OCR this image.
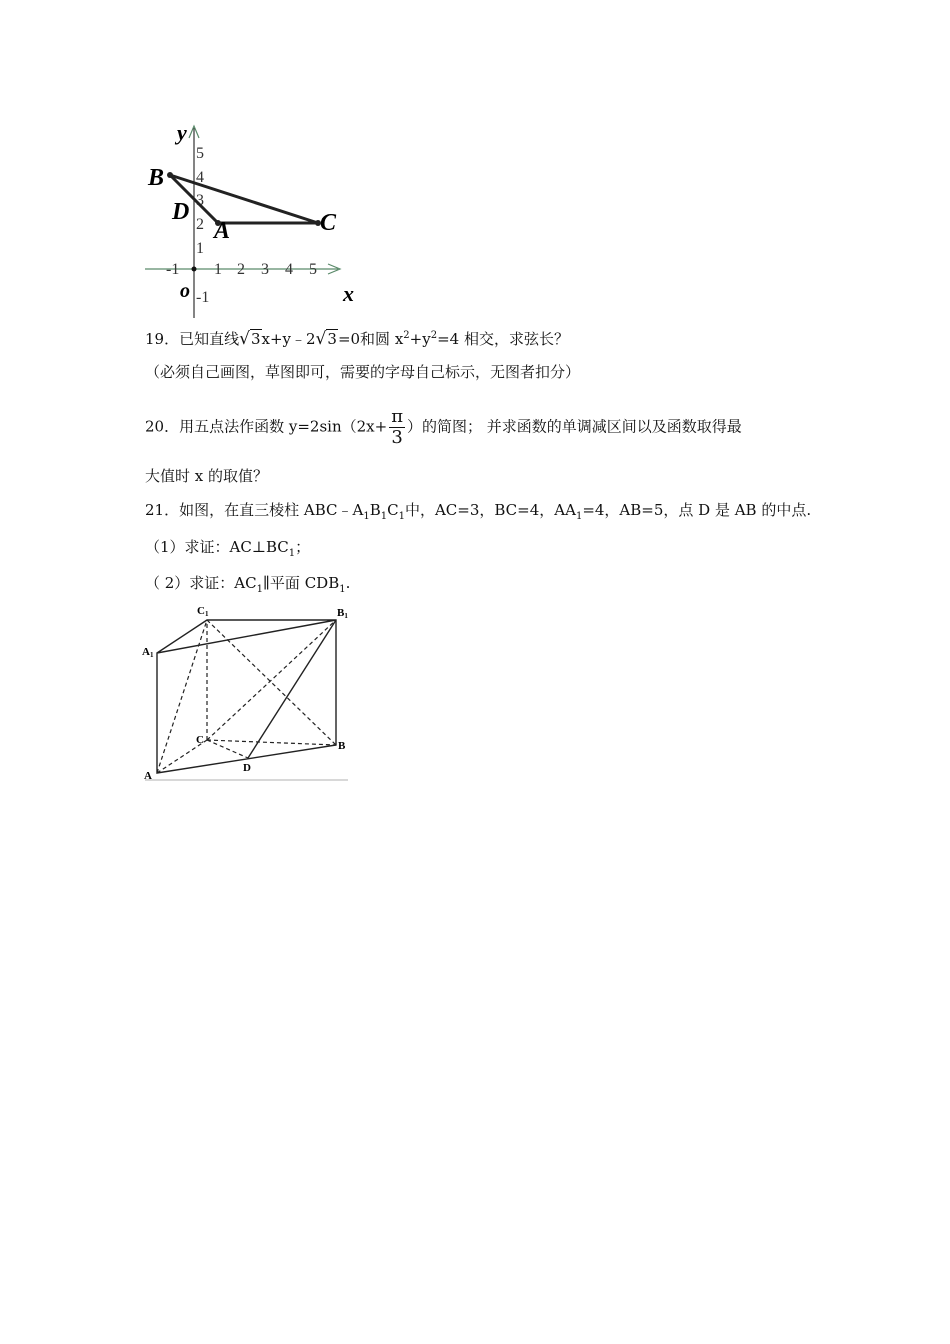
y
x
o
5
4
3
2
1
-1
-1 1 2 3 4 5
B
D
A	C
19．已知直线√3x+y﹣2√3=0和圆 $x^2+y^2=4$ 相交，求弦长？
（必须自己画图，草图即可，需要的字母自己标示，无图者扣分）
20．用五点法作函数 $y=2\sin(2x+ \frac{\pi}{3}$ ）的简图； 并求函数的单调减区间以及函数取得最
大值时 x 的取值？
21．如图，在直三棱柱 $ABC﹣A_1B_1C_1$中，AC=3，BC=4，$AA_1=4$，AB=5，点 D 是 AB 的中点.
（1）求证：$AC\perp BC_1$；
（ 2）求证：$AC_1\parallel$平面 $CDB_1$.
C1	B1
A1
C	B
A
D
